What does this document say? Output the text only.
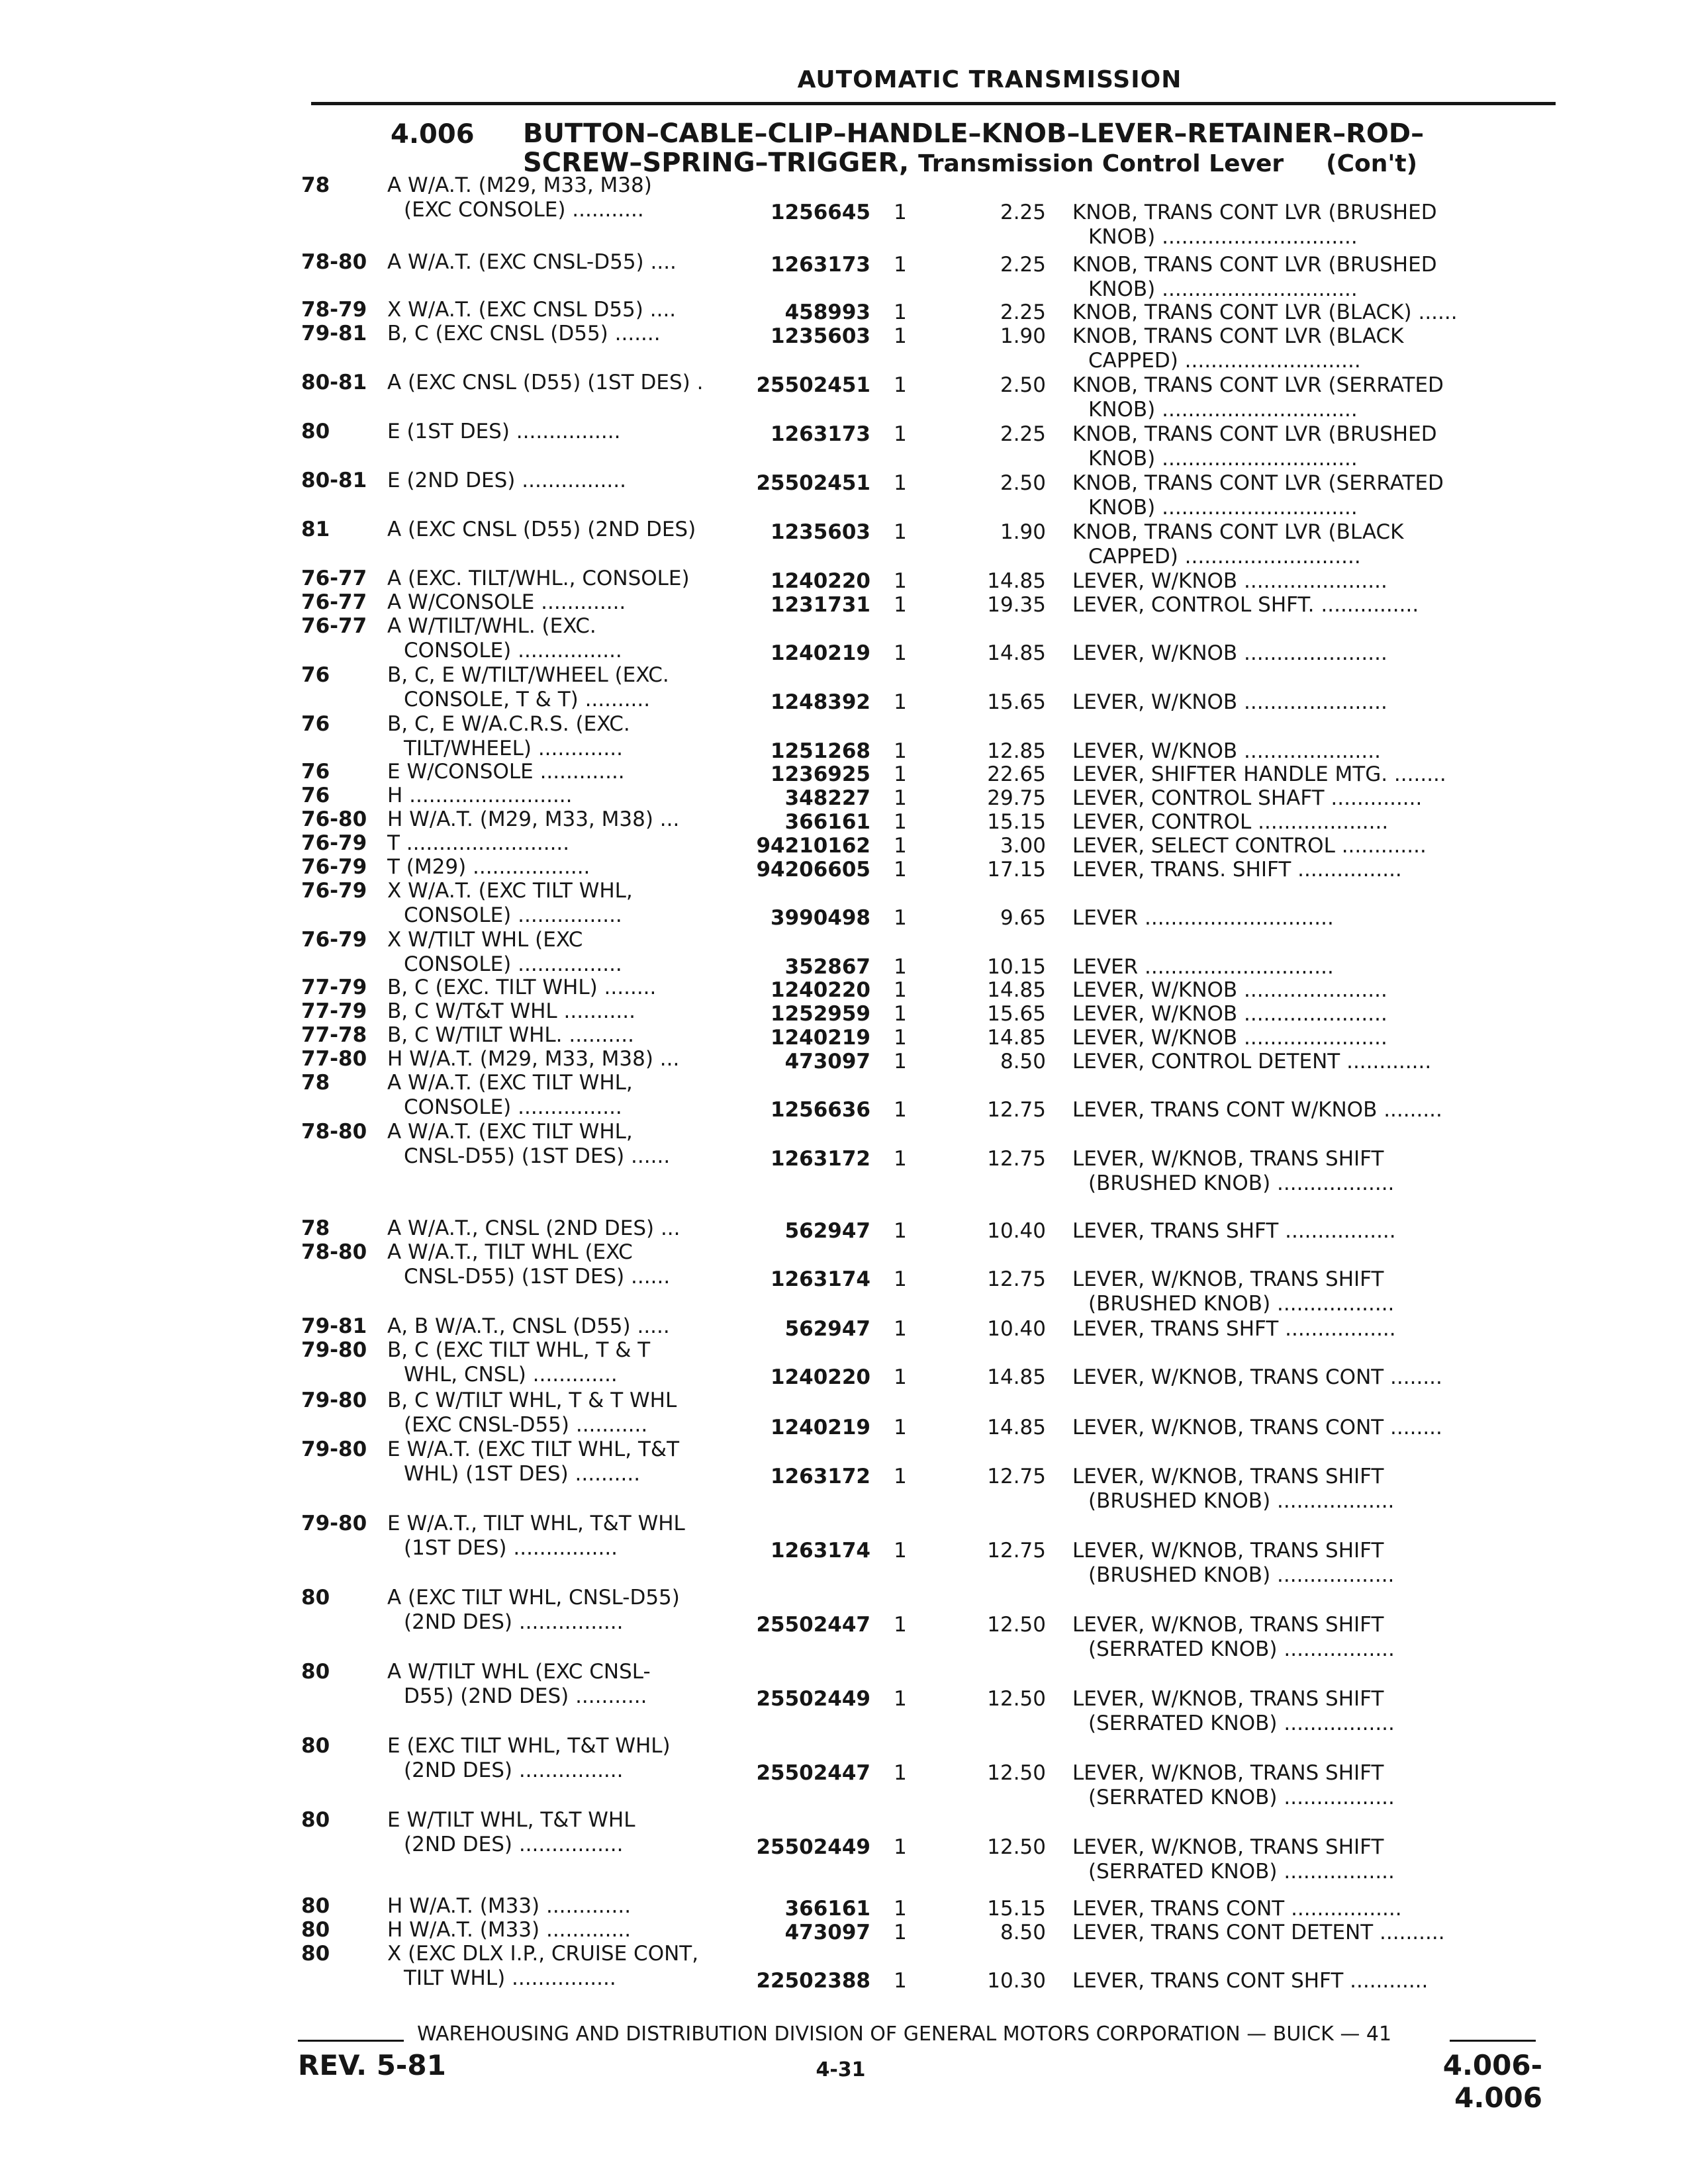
AUTOMATIC TRANSMISSION
4.006 BUTTON–CABLE–CLIP–HANDLE–KNOB–LEVER–RETAINER–ROD–
SCREW–SPRING–TRIGGER, Transmission Control Lever (Con't)
78	A W/A.T. (M29, M33, M38)
(EXC CONSOLE) ...........	1256645	1	2.25 KNOB, TRANS CONT LVR (BRUSHED
KNOB) ..............................
78-80 A W/A.T. (EXC CNSL-D55) ....	1263173	1	2.25 KNOB, TRANS CONT LVR (BRUSHED
KNOB) ..............................
78-79 X W/A.T. (EXC CNSL D55) ....	458993	1	2.25 KNOB, TRANS CONT LVR (BLACK) ......
79-81 B, C (EXC CNSL (D55) .......	1235603	1	1.90 KNOB, TRANS CONT LVR (BLACK
CAPPED) ...........................
80-81 A (EXC CNSL (D55) (1ST DES) .	25502451	1	2.50 KNOB, TRANS CONT LVR (SERRATED
KNOB) ..............................
80	E (1ST DES) ................	1263173	1	2.25 KNOB, TRANS CONT LVR (BRUSHED
KNOB) ..............................
80-81 E (2ND DES) ................	25502451	1	2.50 KNOB, TRANS CONT LVR (SERRATED
KNOB) ..............................
81	A (EXC CNSL (D55) (2ND DES)	1235603	1	1.90 KNOB, TRANS CONT LVR (BLACK
CAPPED) ...........................
76-77 A (EXC. TILT/WHL., CONSOLE)	1240220	1	14.85 LEVER, W/KNOB ......................
76-77 A W/CONSOLE .............	1231731	1	19.35 LEVER, CONTROL SHFT. ...............
76-77 A W/TILT/WHL. (EXC.
CONSOLE) ................	1240219	1	14.85 LEVER, W/KNOB ......................
76	B, C, E W/TILT/WHEEL (EXC.
CONSOLE, T & T) ..........	1248392	1	15.65 LEVER, W/KNOB ......................
76	B, C, E W/A.C.R.S. (EXC.
TILT/WHEEL) .............	1251268	1	12.85 LEVER, W/KNOB .....................
76	E W/CONSOLE .............	1236925	1	22.65 LEVER, SHIFTER HANDLE MTG. ........
76	H .........................	348227	1	29.75 LEVER, CONTROL SHAFT ..............
76-80 H W/A.T. (M29, M33, M38) ...	366161	1	15.15 LEVER, CONTROL ....................
76-79 T .........................	94210162	1	3.00 LEVER, SELECT CONTROL .............
76-79 T (M29) ..................	94206605	1	17.15 LEVER, TRANS. SHIFT ................
76-79 X W/A.T. (EXC TILT WHL,
CONSOLE) ................	3990498	1	9.65 LEVER .............................
76-79 X W/TILT WHL (EXC
CONSOLE) ................	352867	1	10.15 LEVER .............................
77-79 B, C (EXC. TILT WHL) ........	1240220	1	14.85 LEVER, W/KNOB ......................
77-79 B, C W/T&T WHL ...........	1252959	1	15.65 LEVER, W/KNOB ......................
77-78 B, C W/TILT WHL. ..........	1240219	1	14.85 LEVER, W/KNOB ......................
77-80 H W/A.T. (M29, M33, M38) ...	473097	1	8.50 LEVER, CONTROL DETENT .............
78	A W/A.T. (EXC TILT WHL,
CONSOLE) ................	1256636	1	12.75 LEVER, TRANS CONT W/KNOB .........
78-80 A W/A.T. (EXC TILT WHL,
CNSL-D55) (1ST DES) ......	1263172	1	12.75 LEVER, W/KNOB, TRANS SHIFT
(BRUSHED KNOB) ..................
78	A W/A.T., CNSL (2ND DES) ...	562947	1	10.40 LEVER, TRANS SHFT .................
78-80 A W/A.T., TILT WHL (EXC
CNSL-D55) (1ST DES) ......	1263174	1	12.75 LEVER, W/KNOB, TRANS SHIFT
(BRUSHED KNOB) ..................
79-81 A, B W/A.T., CNSL (D55) .....	562947	1	10.40 LEVER, TRANS SHFT .................
79-80 B, C (EXC TILT WHL, T & T
WHL, CNSL) .............	1240220	1	14.85 LEVER, W/KNOB, TRANS CONT ........
79-80 B, C W/TILT WHL, T & T WHL
(EXC CNSL-D55) ...........	1240219	1	14.85 LEVER, W/KNOB, TRANS CONT ........
79-80 E W/A.T. (EXC TILT WHL, T&T
WHL) (1ST DES) ..........	1263172	1	12.75 LEVER, W/KNOB, TRANS SHIFT
(BRUSHED KNOB) ..................
79-80 E W/A.T., TILT WHL, T&T WHL
(1ST DES) ................	1263174	1	12.75 LEVER, W/KNOB, TRANS SHIFT
(BRUSHED KNOB) ..................
80	A (EXC TILT WHL, CNSL-D55)
(2ND DES) ................	25502447	1	12.50 LEVER, W/KNOB, TRANS SHIFT
(SERRATED KNOB) .................
80	A W/TILT WHL (EXC CNSL-
D55) (2ND DES) ...........	25502449	1	12.50 LEVER, W/KNOB, TRANS SHIFT
(SERRATED KNOB) .................
80	E (EXC TILT WHL, T&T WHL)
(2ND DES) ................	25502447	1	12.50 LEVER, W/KNOB, TRANS SHIFT
(SERRATED KNOB) .................
80	E W/TILT WHL, T&T WHL
(2ND DES) ................	25502449	1	12.50 LEVER, W/KNOB, TRANS SHIFT
(SERRATED KNOB) .................
80	H W/A.T. (M33) .............	366161	1	15.15 LEVER, TRANS CONT .................
80	H W/A.T. (M33) .............	473097	1	8.50 LEVER, TRANS CONT DETENT ..........
80	X (EXC DLX I.P., CRUISE CONT,
TILT WHL) ................	22502388	1	10.30 LEVER, TRANS CONT SHFT ............
WAREHOUSING AND DISTRIBUTION DIVISION OF GENERAL MOTORS CORPORATION — BUICK — 41
REV. 5-81	4-31	4.006-4.006
